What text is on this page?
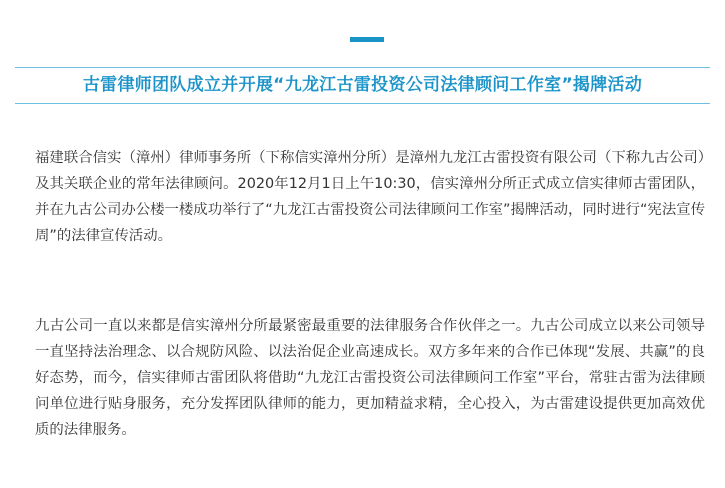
古雷律师团队成立并开展“九龙江古雷投资公司法律顾问工作室”揭牌活动

福建联合信实（漳州）律师事务所（下称信实漳州分所）是漳州九龙江古雷投资有限公司（下称九古公司）及其关联企业的常年法律顾问。2020年12月1日上午10:30，信实漳州分所正式成立信实律师古雷团队，并在九古公司办公楼一楼成功举行了“九龙江古雷投资公司法律顾问工作室”揭牌活动，同时进行“宪法宣传周”的法律宣传活动。

九古公司一直以来都是信实漳州分所最紧密最重要的法律服务合作伙伴之一。九古公司成立以来公司领导一直坚持法治理念、以合规防风险、以法治促企业高速成长。双方多年来的合作已体现“发展、共赢”的良好态势，而今，信实律师古雷团队将借助“九龙江古雷投资公司法律顾问工作室”平台，常驻古雷为法律顾问单位进行贴身服务，充分发挥团队律师的能力，更加精益求精，全心投入，为古雷建设提供更加高效优质的法律服务。
